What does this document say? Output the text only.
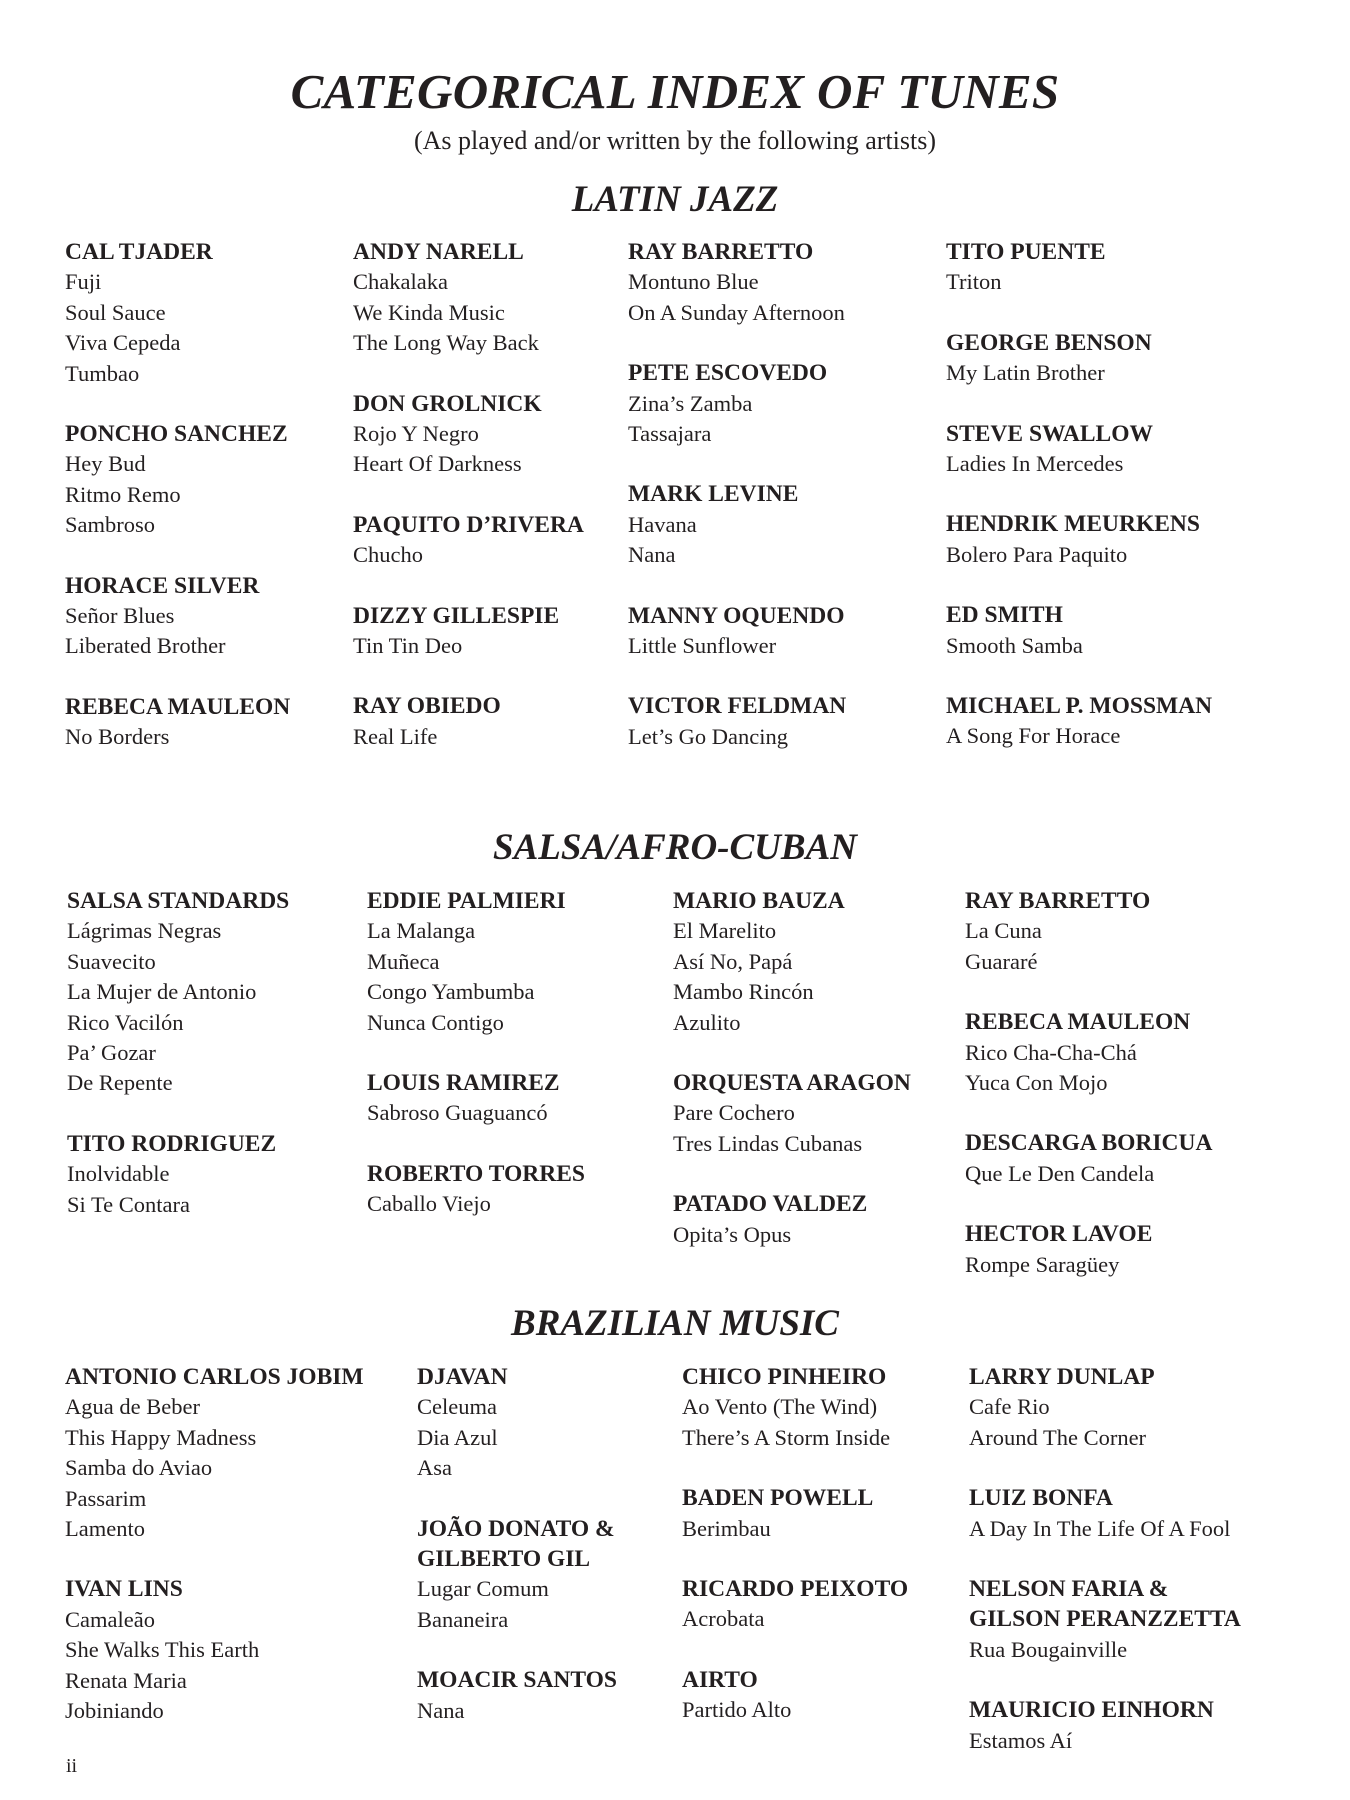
CATEGORICAL INDEX OF TUNES
(As played and/or written by the following artists)
LATIN JAZZ
CAL TJADER
Fuji
Soul Sauce
Viva Cepeda
Tumbao
PONCHO SANCHEZ
Hey Bud
Ritmo Remo
Sambroso
HORACE SILVER
Señor Blues
Liberated Brother
REBECA MAULEON
No Borders
ANDY NARELL
Chakalaka
We Kinda Music
The Long Way Back
DON GROLNICK
Rojo Y Negro
Heart Of Darkness
PAQUITO D’RIVERA
Chucho
DIZZY GILLESPIE
Tin Tin Deo
RAY OBIEDO
Real Life
RAY BARRETTO
Montuno Blue
On A Sunday Afternoon
PETE ESCOVEDO
Zina’s Zamba
Tassajara
MARK LEVINE
Havana
Nana
MANNY OQUENDO
Little Sunflower
VICTOR FELDMAN
Let’s Go Dancing
TITO PUENTE
Triton
GEORGE BENSON
My Latin Brother
STEVE SWALLOW
Ladies In Mercedes
HENDRIK MEURKENS
Bolero Para Paquito
ED SMITH
Smooth Samba
MICHAEL P. MOSSMAN
A Song For Horace
SALSA/AFRO-CUBAN
SALSA STANDARDS
Lágrimas Negras
Suavecito
La Mujer de Antonio
Rico Vacilón
Pa’ Gozar
De Repente
TITO RODRIGUEZ
Inolvidable
Si Te Contara
EDDIE PALMIERI
La Malanga
Muñeca
Congo Yambumba
Nunca Contigo
LOUIS RAMIREZ
Sabroso Guaguancó
ROBERTO TORRES
Caballo Viejo
MARIO BAUZA
El Marelito
Así No, Papá
Mambo Rincón
Azulito
ORQUESTA ARAGON
Pare Cochero
Tres Lindas Cubanas
PATADO VALDEZ
Opita’s Opus
RAY BARRETTO
La Cuna
Guararé
REBECA MAULEON
Rico Cha-Cha-Chá
Yuca Con Mojo
DESCARGA BORICUA
Que Le Den Candela
HECTOR LAVOE
Rompe Saragüey
BRAZILIAN MUSIC
ANTONIO CARLOS JOBIM
Agua de Beber
This Happy Madness
Samba do Aviao
Passarim
Lamento
IVAN LINS
Camaleão
She Walks This Earth
Renata Maria
Jobiniando
DJAVAN
Celeuma
Dia Azul
Asa
JOÃO DONATO &
GILBERTO GIL
Lugar Comum
Bananeira
MOACIR SANTOS
Nana
CHICO PINHEIRO
Ao Vento (The Wind)
There’s A Storm Inside
BADEN POWELL
Berimbau
RICARDO PEIXOTO
Acrobata
AIRTO
Partido Alto
LARRY DUNLAP
Cafe Rio
Around The Corner
LUIZ BONFA
A Day In The Life Of A Fool
NELSON FARIA &
GILSON PERANZZETTA
Rua Bougainville
MAURICIO EINHORN
Estamos Aí
ii
